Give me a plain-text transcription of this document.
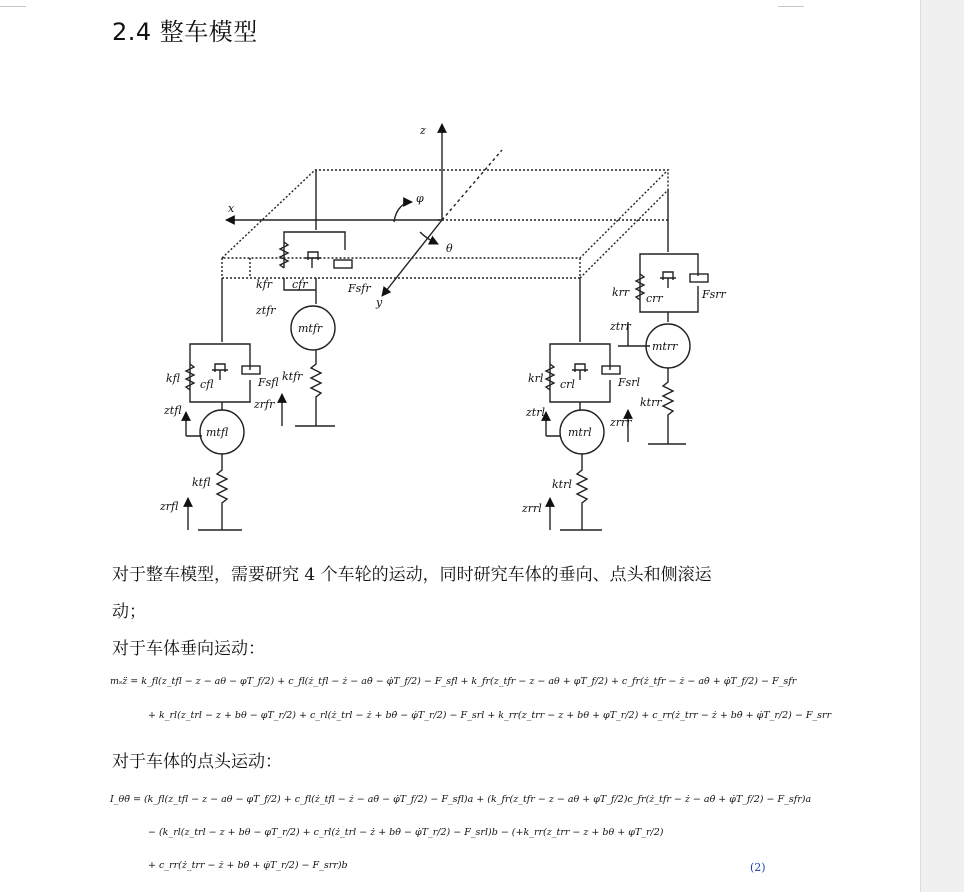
2.4 整车模型
z
x
y
φ
θ
kfr cfr	Fsfr
ztfr
mtfr
ktfr
zrfr
kfl cfl	Fsfl
ztfl
mtfl
ktfl
zrfl
krl crl	Fsrl
ztrl
mtrl
ktrl
zrrl
krr crr	Fsrr
ztrr
mtrr
ktrr
zrrr
对于整车模型，需要研究 4 个车轮的运动，同时研究车体的垂向、点头和侧滚运
动；
对于车体垂向运动：
mₛz̈ = k_fl(z_tfl − z − aθ − φT_f/2) + c_fl(ż_tfl − ż − aθ̇ − φ̇T_f/2) − F_sfl + k_fr(z_tfr − z − aθ + φT_f/2) + c_fr(ż_tfr − ż − aθ̇ + φ̇T_f/2) − F_sfr
+ k_rl(z_trl − z + bθ − φT_r/2) + c_rl(ż_trl − ż + bθ̇ − φ̇T_r/2) − F_srl + k_rr(z_trr − z + bθ + φT_r/2) + c_rr(ż_trr − ż + bθ̇ + φ̇T_r/2) − F_srr
对于车体的点头运动：
I_θθ̈ = (k_fl(z_tfl − z − aθ − φT_f/2) + c_fl(ż_tfl − ż − aθ̇ − φ̇T_f/2) − F_sfl)a + (k_fr(z_tfr − z − aθ + φT_f/2)c_fr(ż_tfr − ż − aθ̇ + φ̇T_f/2) − F_sfr)a
− (k_rl(z_trl − z + bθ − φT_r/2) + c_rl(ż_trl − ż + bθ̇ − φ̇T_r/2) − F_srl)b − (+k_rr(z_trr − z + bθ + φT_r/2)
+ c_rr(ż_trr − ż + bθ̇ + φ̇T_r/2) − F_srr)b	(2)
